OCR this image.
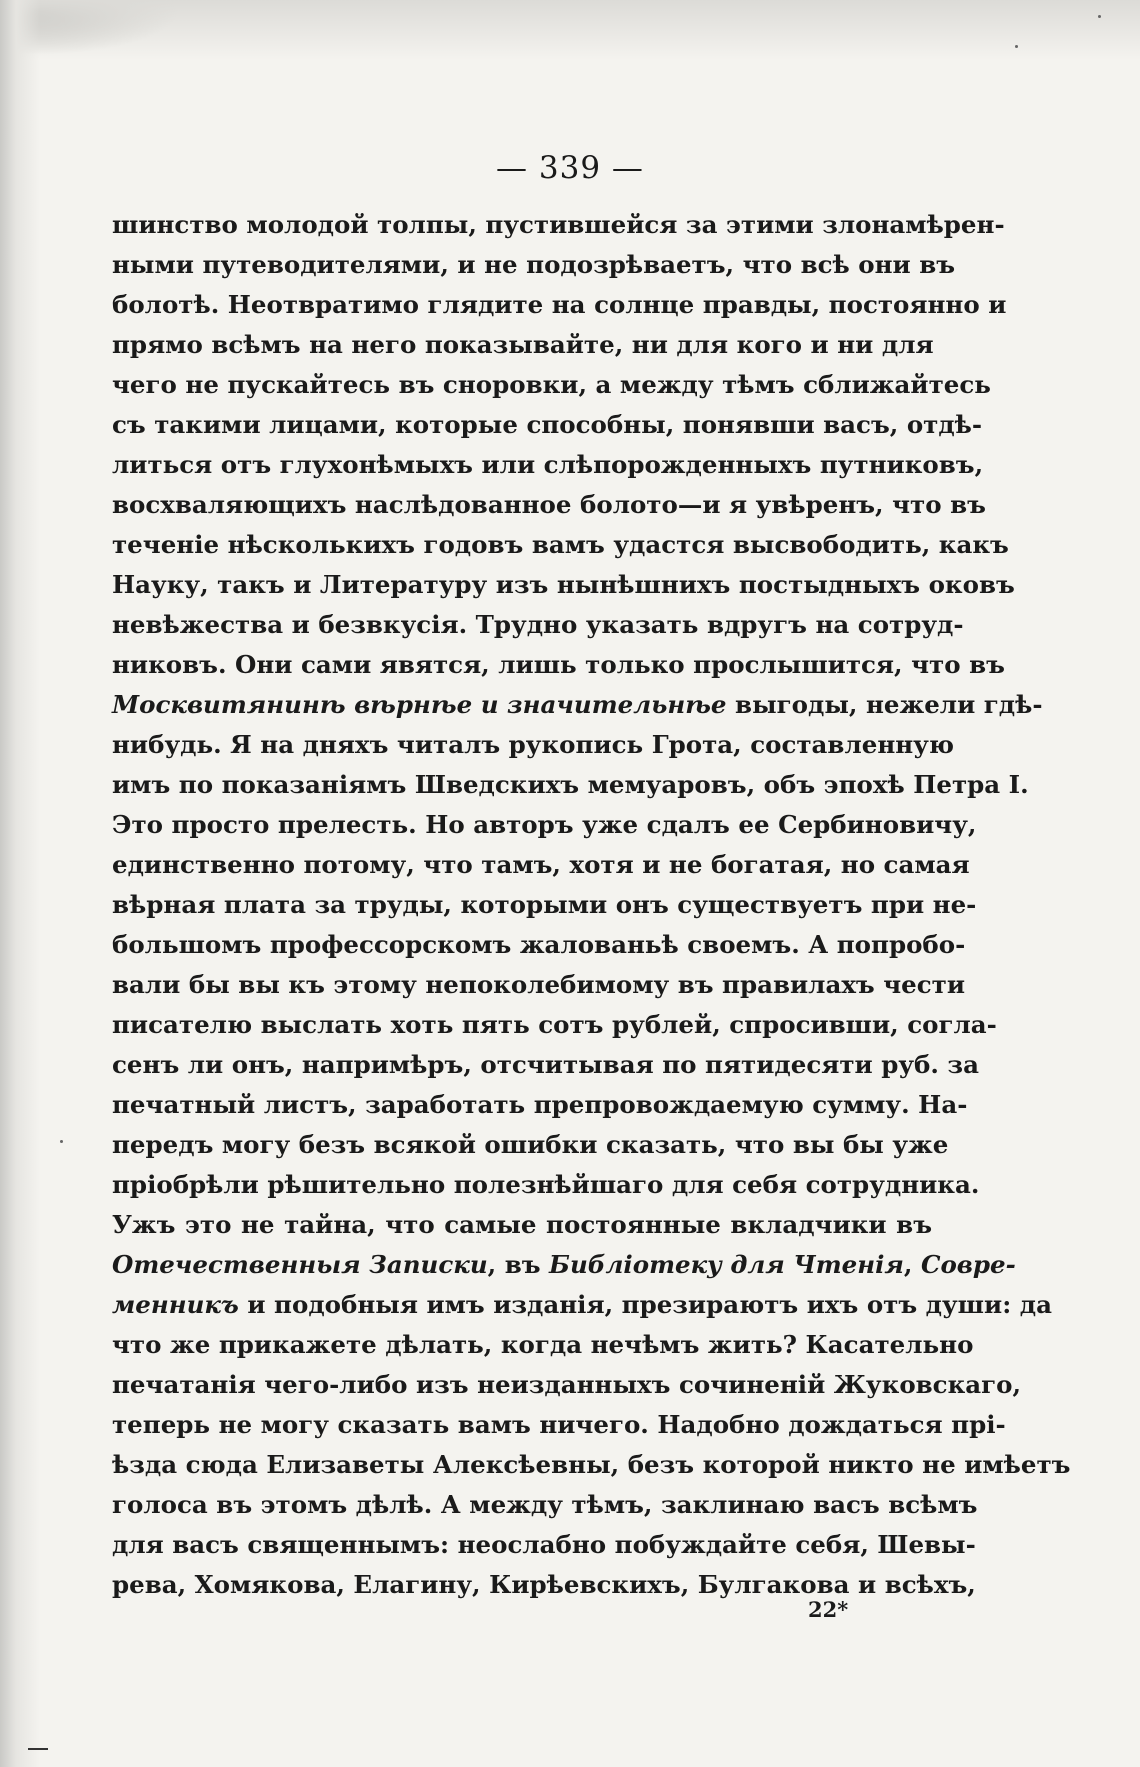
— 339 —
шинство молодой толпы, пустившейся за этими злонамѣрен-
ными путеводителями, и не подозрѣваетъ, что всѣ они въ
болотѣ. Неотвратимо глядите на солнце правды, постоянно и
прямо всѣмъ на него показывайте, ни для кого и ни для
чего не пускайтесь въ сноровки, а между тѣмъ сближайтесь
съ такими лицами, которые способны, понявши васъ, отдѣ-
литься отъ глухонѣмыхъ или слѣпорожденныхъ путниковъ,
восхваляющихъ наслѣдованное болото—и я увѣренъ, что въ
теченіе нѣсколькихъ годовъ вамъ удастся высвободить, какъ
Науку, такъ и Литературу изъ нынѣшнихъ постыдныхъ оковъ
невѣжества и безвкусія. Трудно указать вдругъ на сотруд-
никовъ. Они сами явятся, лишь только прослышится, что въ
Москвитянинѣ вѣрнѣе и значительнѣе выгоды, нежели гдѣ-
нибудь. Я на дняхъ читалъ рукопись Грота, составленную
имъ по показаніямъ Шведскихъ мемуаровъ, объ эпохѣ Петра I.
Это просто прелесть. Но авторъ уже сдалъ ее Сербиновичу,
единственно потому, что тамъ, хотя и не богатая, но самая
вѣрная плата за труды, которыми онъ существуетъ при не-
большомъ профессорскомъ жалованьѣ своемъ. А попробо-
вали бы вы къ этому непоколебимому въ правилахъ чести
писателю выслать хоть пять сотъ рублей, спросивши, согла-
сенъ ли онъ, напримѣръ, отсчитывая по пятидесяти руб. за
печатный листъ, заработать препровождаемую сумму. На-
передъ могу безъ всякой ошибки сказать, что вы бы уже
пріобрѣли рѣшительно полезнѣйшаго для себя сотрудника.
Ужъ это не тайна, что самые постоянные вкладчики въ
Отечественныя Записки, въ Библіотеку для Чтенія, Совре-
менникъ и подобныя имъ изданія, презираютъ ихъ отъ души: да
что же прикажете дѣлать, когда нечѣмъ жить? Касательно
печатанія чего-либо изъ неизданныхъ сочиненій Жуковскаго,
теперь не могу сказать вамъ ничего. Надобно дождаться прі-
ѣзда сюда Елизаветы Алексѣевны, безъ которой никто не имѣетъ
голоса въ этомъ дѣлѣ. А между тѣмъ, заклинаю васъ всѣмъ
для васъ священнымъ: неослабно побуждайте себя, Шевы-
рева, Хомякова, Елагину, Кирѣевскихъ, Булгакова и всѣхъ,
22*
